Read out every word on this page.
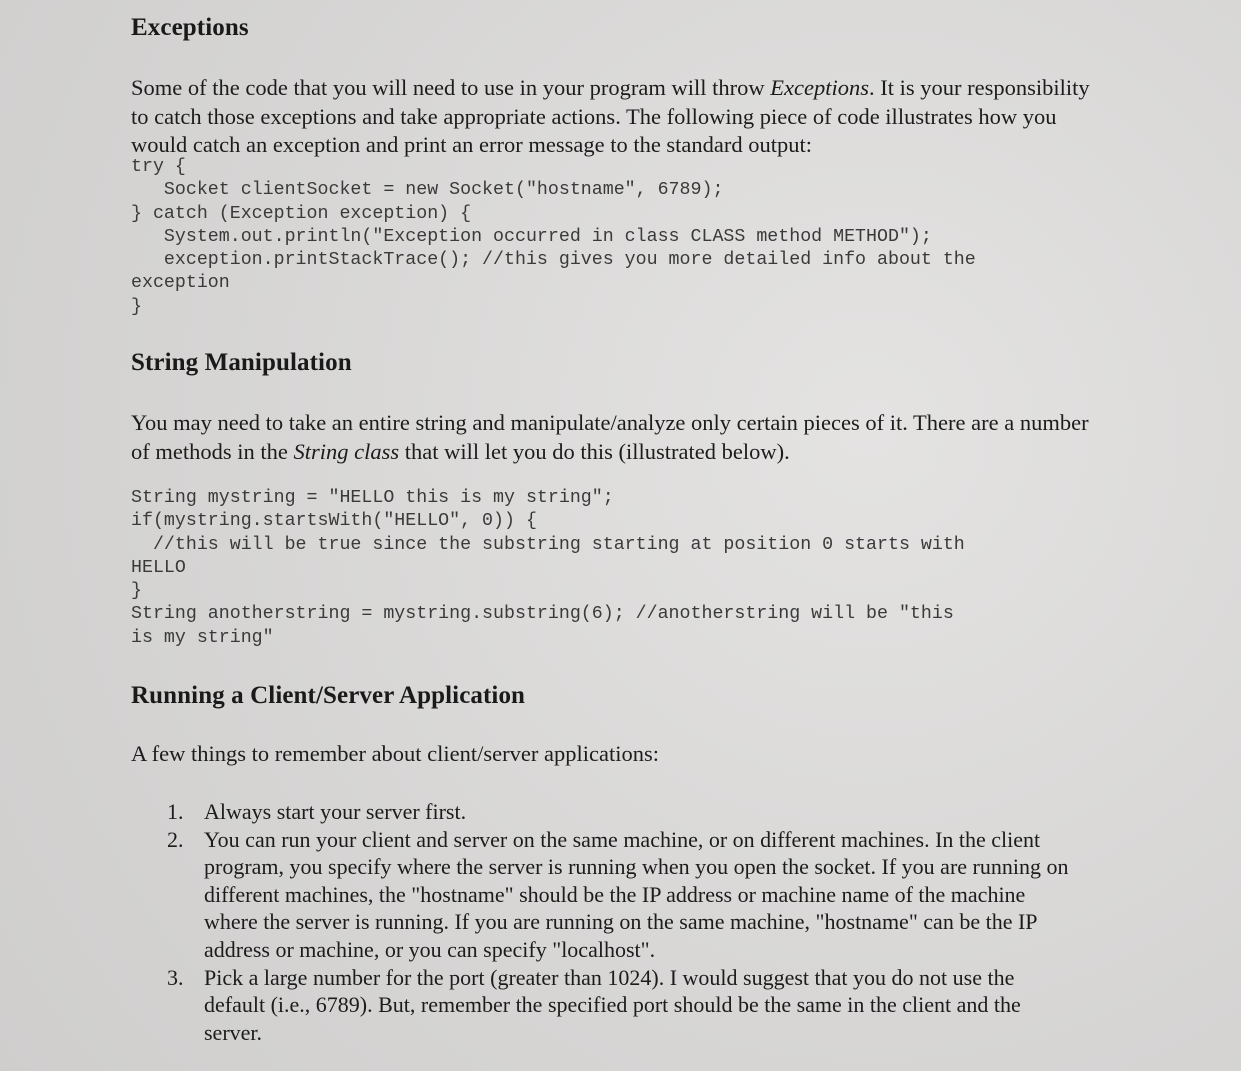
Exceptions

Some of the code that you will need to use in your program will throw Exceptions. It is your responsibility to catch those exceptions and take appropriate actions. The following piece of code illustrates how you would catch an exception and print an error message to the standard output:

try {
Socket clientSocket = new Socket("hostname", 6789);
} catch (Exception exception) {
System.out.println("Exception occurred in class CLASS method METHOD");
exception.printStackTrace(); //this gives you more detailed info about the
exception
}
String Manipulation

You may need to take an entire string and manipulate/analyze only certain pieces of it. There are a number of methods in the String class that will let you do this (illustrated below).

String mystring = "HELLO this is my string";
if(mystring.startsWith("HELLO", 0)) {
//this will be true since the substring starting at position 0 starts with
HELLO
}
String anotherstring = mystring.substring(6); //anotherstring will be "this
is my string"
Running a Client/Server Application

A few things to remember about client/server applications:

1. Always start your server first.
2. You can run your client and server on the same machine, or on different machines. In the client program, you specify where the server is running when you open the socket. If you are running on different machines, the "hostname" should be the IP address or machine name of the machine where the server is running. If you are running on the same machine, "hostname" can be the IP address or machine, or you can specify "localhost".
3. Pick a large number for the port (greater than 1024). I would suggest that you do not use the default (i.e., 6789). But, remember the specified port should be the same in the client and the server.
